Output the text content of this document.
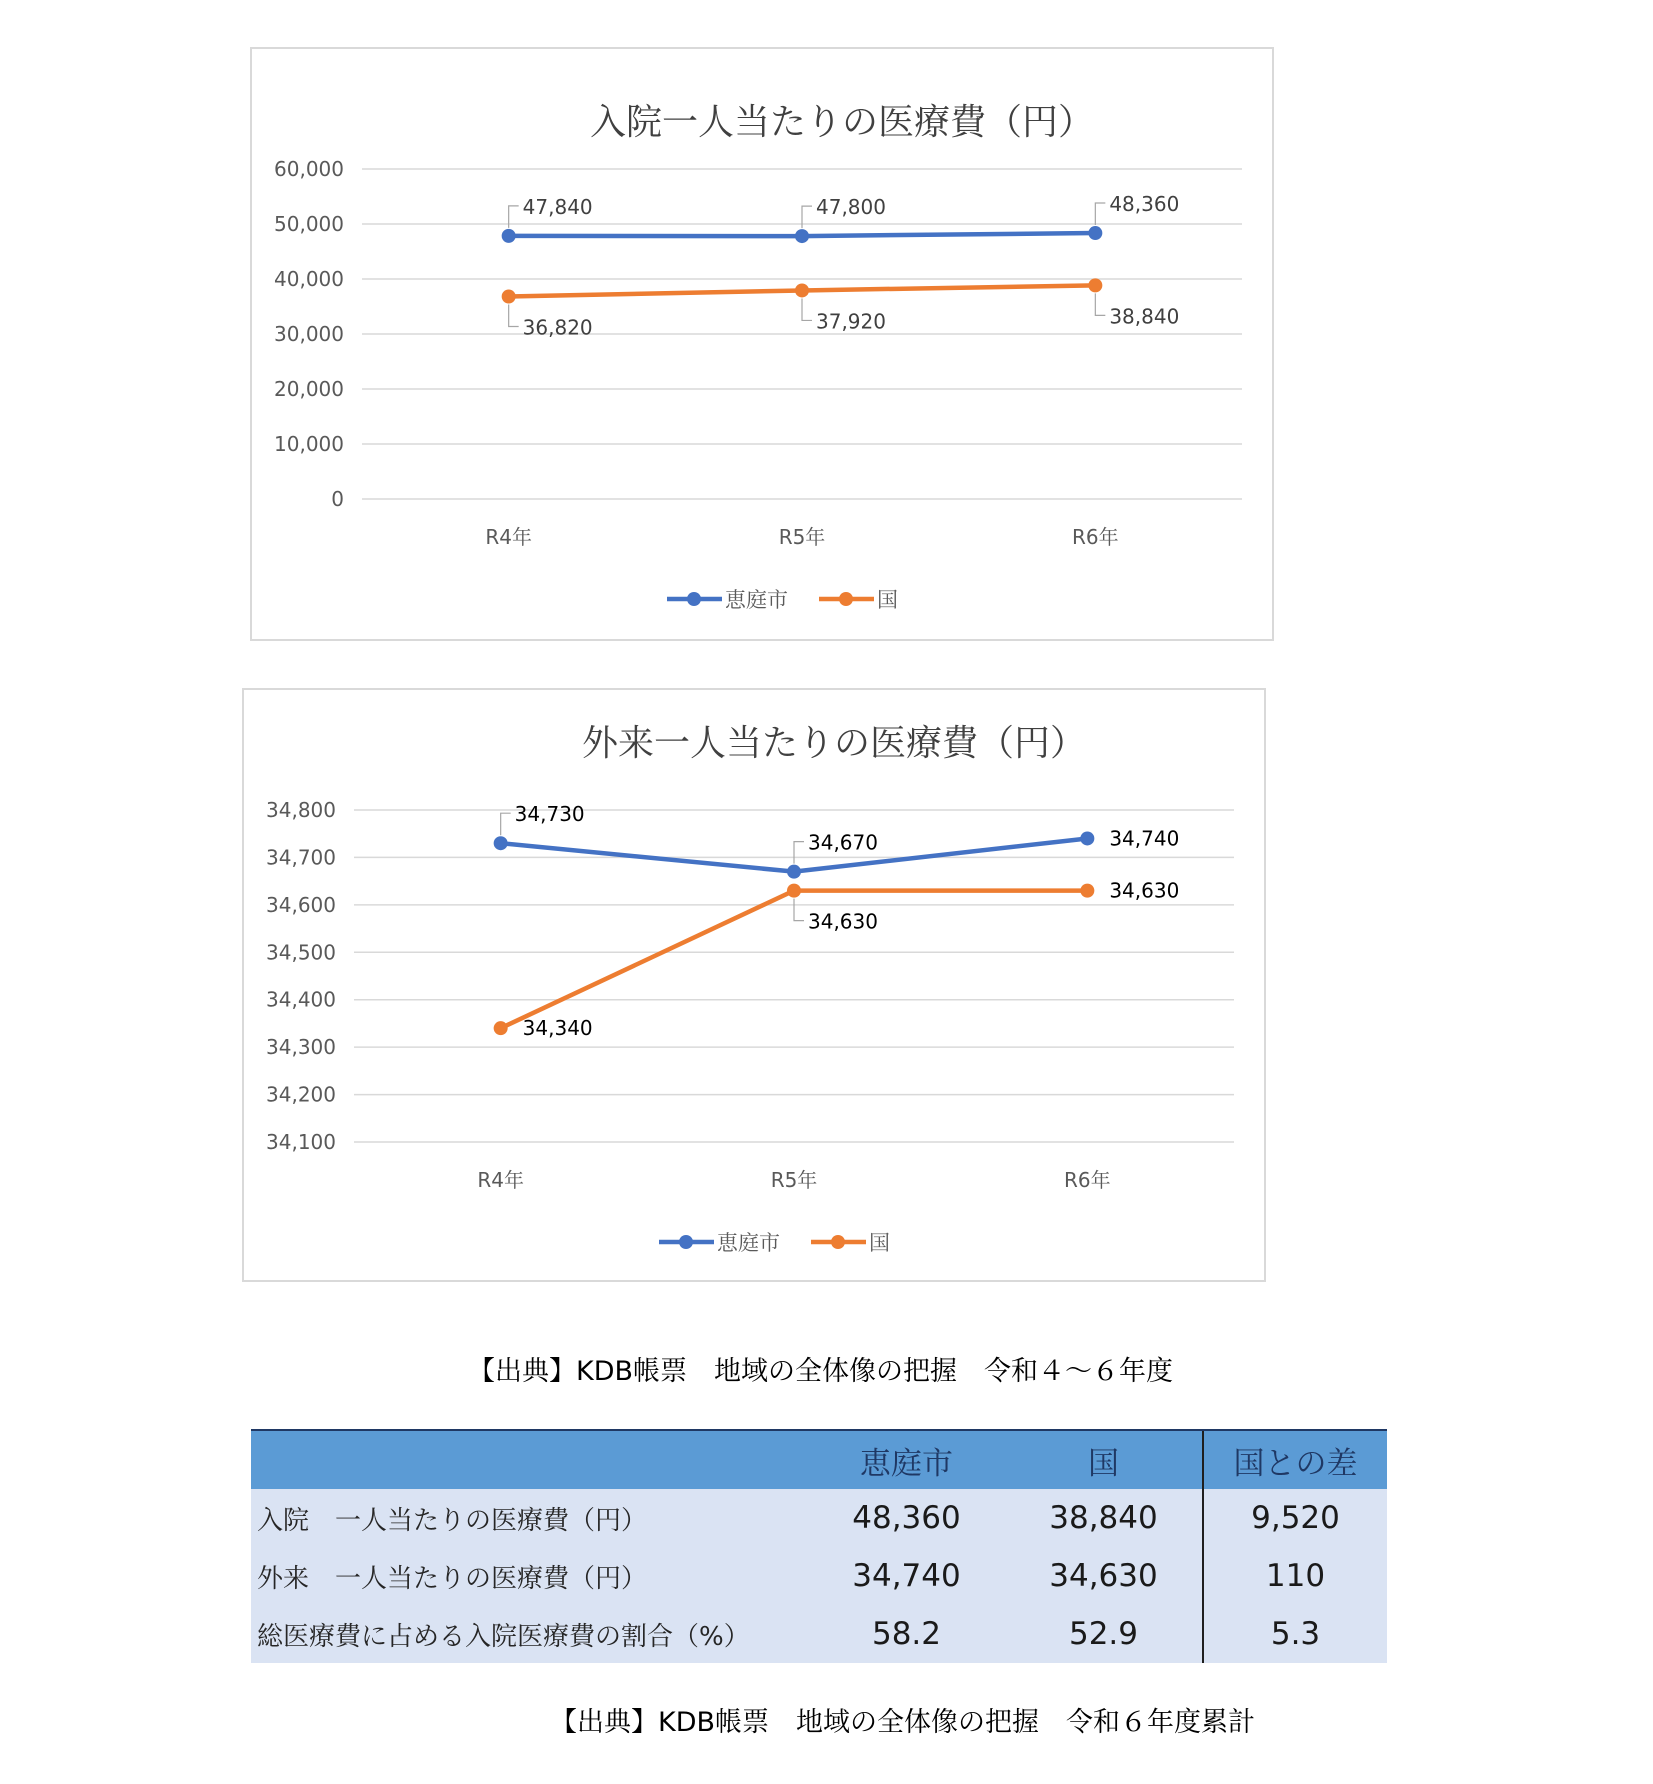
入院一人当たりの医療費（円）
0
10,000
20,000
30,000
40,000
50,000
60,000
R4年	R5年	R6年
47,840	47,800	48,360
36,820	37,920	38,840
恵庭市	国
外来一人当たりの医療費（円）
34,100
34,200
34,300
34,400
34,500
34,600
34,700
34,800
R4年	R5年	R6年
34,730
34,670	34,740
34,340
34,630
34,630
恵庭市	国
【出典】KDB帳票　地域の全体像の把握　令和４～６年度
	恵庭市	国	国との差
入院　一人当たりの医療費（円）	48,360	38,840	9,520
外来　一人当たりの医療費（円）	34,740	34,630	110
総医療費に占める入院医療費の割合（%）	58.2	52.9	5.3
【出典】KDB帳票　地域の全体像の把握　令和６年度累計
